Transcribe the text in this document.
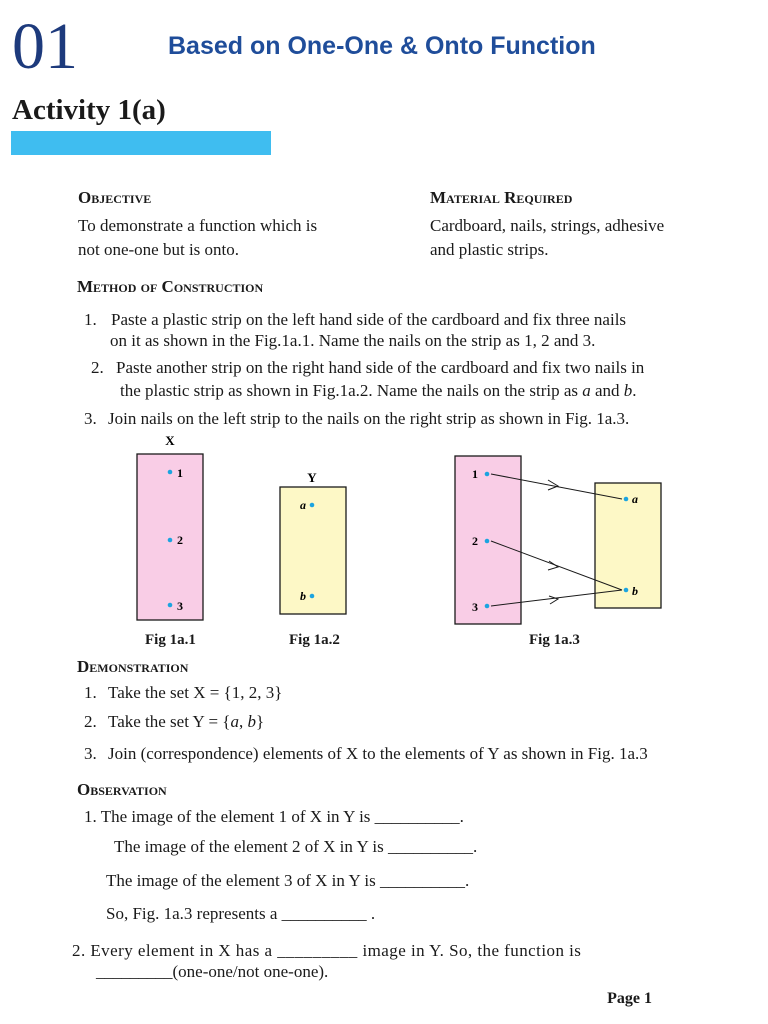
01	Based on One-One & Onto Function
Activity 1(a)
Objective
To demonstrate a function which is
not one-one but is onto.
Material Required
Cardboard, nails, strings, adhesive
and plastic strips.
Method of Construction
1. Paste a plastic strip on the left hand side of the cardboard and fix three nails
on it as shown in the Fig.1a.1. Name the nails on the strip as 1, 2 and 3.
2. Paste another strip on the right hand side of the cardboard and fix two nails in
the plastic strip as shown in Fig.1a.2. Name the nails on the strip as a and b.
3. Join nails on the left strip to the nails on the right strip as shown in Fig. 1a.3.
X
1
2
3
Y
a
b
1
2
3
a
b
Fig 1a.1	Fig 1a.2	Fig 1a.3
Demonstration
1. Take the set X = {1, 2, 3}
2. Take the set Y = {a, b}
3. Join (correspondence) elements of X to the elements of Y as shown in Fig. 1a.3
Observation
1. The image of the element 1 of X in Y is __________.
The image of the element 2 of X in Y is __________.
The image of the element 3 of X in Y is __________.
So, Fig. 1a.3 represents a __________ .
2. Every element in X has a _________ image in Y. So, the function is
_________(one-one/not one-one).
Page 1
